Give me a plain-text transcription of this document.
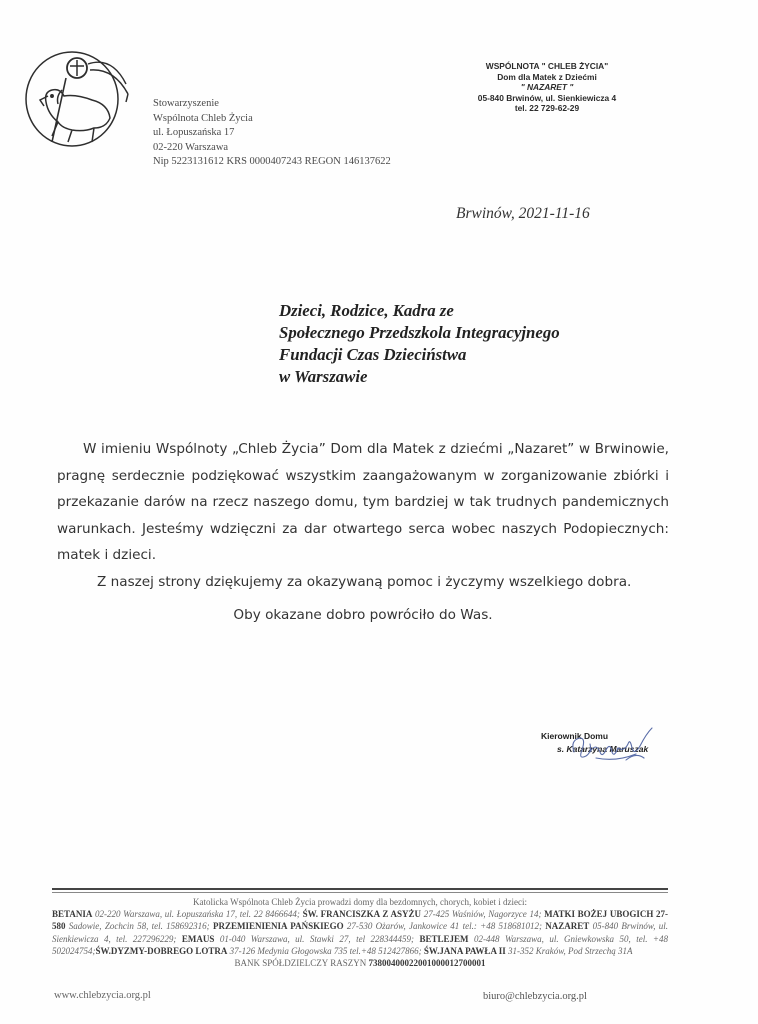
Stowarzyszenie
Wspólnota Chleb Życia
ul. Łopuszańska 17
02-220 Warszawa
Nip 5223131612 KRS 0000407243 REGON 146137622
WSPÓLNOTA " CHLEB ŻYCIA"
Dom dla Matek z Dziećmi
" NAZARET "
05-840 Brwinów, ul. Sienkiewicza 4
tel. 22 729-62-29
Brwinów, 2021-11-16
Dzieci, Rodzice, Kadra ze
Społecznego Przedszkola Integracyjnego
Fundacji Czas Dzieciństwa
w Warszawie

W imieniu Wspólnoty „Chleb Życia” Dom dla Matek z dziećmi „Nazaret” w Brwinowie, pragnę serdecznie podziękować wszystkim zaangażowanym w zorganizowanie zbiórki i przekazanie darów na rzecz naszego domu, tym bardziej w tak trudnych pandemicznych warunkach. Jesteśmy wdzięczni za dar otwartego serca wobec naszych Podopiecznych: matek i dzieci.

Z naszej strony dziękujemy za okazywaną pomoc i życzymy wszelkiego dobra.

Oby okazane dobro powróciło do Was.

Kierownik Domu
s. Katarzyna Maruszak
Katolicka Wspólnota Chleb Życia prowadzi domy dla bezdomnych, chorych, kobiet i dzieci:
BETANIA 02-220 Warszawa, ul. Łopuszańska 17, tel. 22 8466644; ŚW. FRANCISZKA Z ASYŻU 27-425 Waśniów, Nagorzyce 14; MATKI BOŻEJ UBOGICH 27-580 Sadowie, Zochcin 58, tel. 158692316; PRZEMIENIENIA PAŃSKIEGO 27-530 Ożarów, Jankowice 41 tel.: +48 518681012; NAZARET 05-840 Brwinów, ul. Sienkiewicza 4, tel. 227296229; EMAUS 01-040 Warszawa, ul. Stawki 27, tel 228344459; BETLEJEM 02-448 Warszawa, ul. Gniewkowska 50, tel. +48 502024754;ŚW.DYZMY-DOBREGO LOTRA 37-126 Medynia Głogowska 735 tel.+48 512427866; ŚW.JANA PAWŁA II 31-352 Kraków, Pod Strzechą 31A
BANK SPÓŁDZIELCZY RASZYN 73800400022001000012700001
www.chlebzycia.org.pl	biuro@chlebzycia.org.pl
